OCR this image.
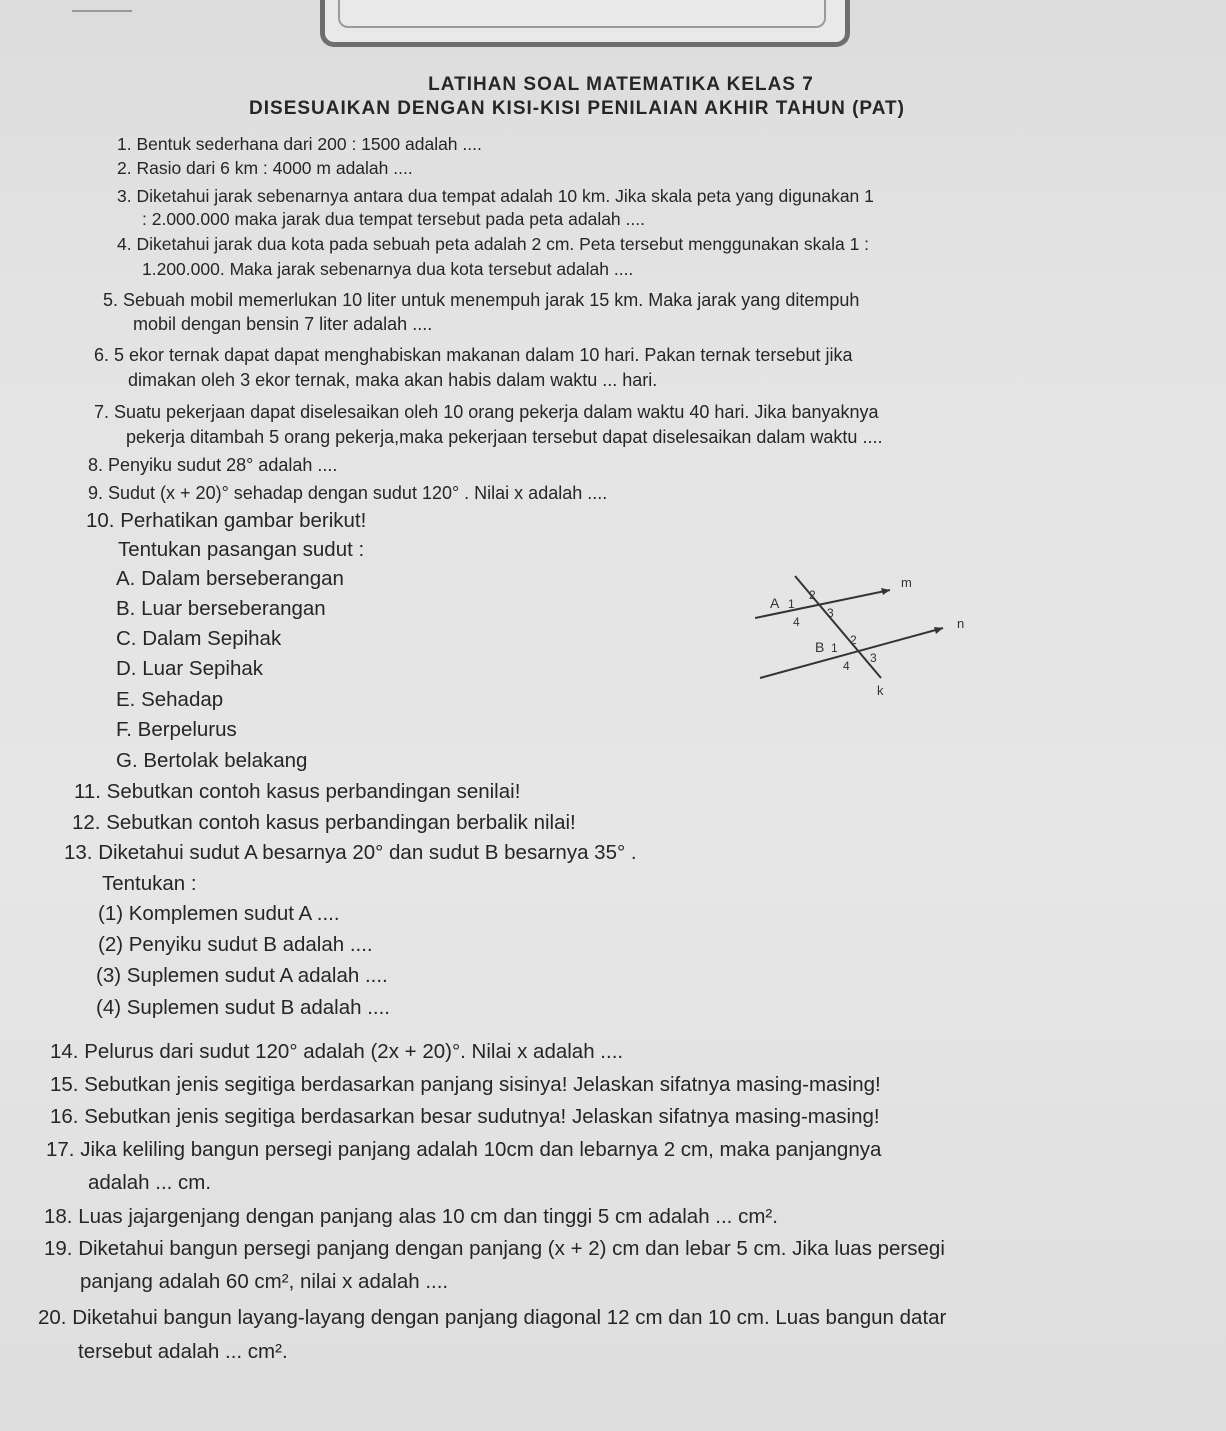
LATIHAN SOAL MATEMATIKA KELAS 7
DISESUAIKAN DENGAN KISI-KISI PENILAIAN AKHIR TAHUN (PAT)
1. Bentuk sederhana dari 200 : 1500 adalah ....
2. Rasio dari 6 km : 4000 m adalah ....
3. Diketahui jarak sebenarnya antara dua tempat adalah 10 km. Jika skala peta yang digunakan 1
: 2.000.000 maka jarak dua tempat tersebut pada peta adalah ....
4. Diketahui jarak dua kota pada sebuah peta adalah 2 cm. Peta tersebut menggunakan skala 1 :
1.200.000. Maka jarak sebenarnya dua kota tersebut adalah ....
5. Sebuah mobil memerlukan 10 liter untuk menempuh jarak 15 km. Maka jarak yang ditempuh
mobil dengan bensin 7 liter adalah ....
6. 5 ekor ternak dapat dapat menghabiskan makanan dalam 10 hari. Pakan ternak tersebut jika
dimakan oleh 3 ekor ternak, maka akan habis dalam waktu ... hari.
7. Suatu pekerjaan dapat diselesaikan oleh 10 orang pekerja dalam waktu 40 hari. Jika banyaknya
pekerja ditambah 5 orang pekerja,maka pekerjaan tersebut dapat diselesaikan dalam waktu ....
8. Penyiku sudut 28° adalah ....
9. Sudut (x + 20)° sehadap dengan sudut 120° . Nilai x adalah ....
10. Perhatikan gambar berikut!
Tentukan pasangan sudut :
A. Dalam berseberangan
B. Luar berseberangan
C. Dalam Sepihak
D. Luar Sepihak
E. Sehadap
F. Berpelurus
G. Bertolak belakang
m
n
k
A 1
2
3
4
B 1
2
3
4
11. Sebutkan contoh kasus perbandingan senilai!
12. Sebutkan contoh kasus perbandingan berbalik nilai!
13. Diketahui sudut A besarnya 20° dan sudut B besarnya 35° .
Tentukan :
(1) Komplemen sudut A ....
(2) Penyiku sudut B adalah ....
(3) Suplemen sudut A adalah ....
(4) Suplemen sudut B adalah ....
14. Pelurus dari sudut 120° adalah (2x + 20)°. Nilai x adalah ....
15. Sebutkan jenis segitiga berdasarkan panjang sisinya! Jelaskan sifatnya masing-masing!
16. Sebutkan jenis segitiga berdasarkan besar sudutnya! Jelaskan sifatnya masing-masing!
17. Jika keliling bangun persegi panjang adalah 10cm dan lebarnya 2 cm, maka panjangnya
adalah ... cm.
18. Luas jajargenjang dengan panjang alas 10 cm dan tinggi 5 cm adalah ... cm².
19. Diketahui bangun persegi panjang dengan panjang (x + 2) cm dan lebar 5 cm. Jika luas persegi
panjang adalah 60 cm², nilai x adalah ....
20. Diketahui bangun layang-layang dengan panjang diagonal 12 cm dan 10 cm. Luas bangun datar
tersebut adalah ... cm².
